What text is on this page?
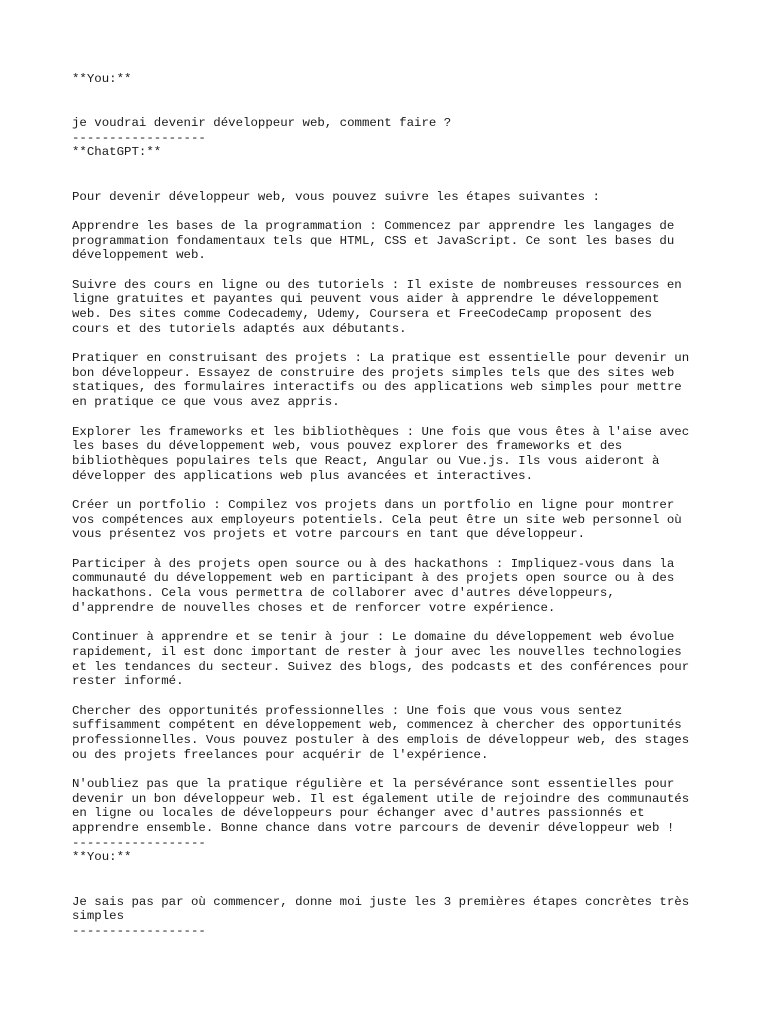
**You:**
je voudrai devenir développeur web, comment faire ?
------------------
**ChatGPT:**
Pour devenir développeur web, vous pouvez suivre les étapes suivantes :
Apprendre les bases de la programmation : Commencez par apprendre les langages de
programmation fondamentaux tels que HTML, CSS et JavaScript. Ce sont les bases du
développement web.
Suivre des cours en ligne ou des tutoriels : Il existe de nombreuses ressources en
ligne gratuites et payantes qui peuvent vous aider à apprendre le développement
web. Des sites comme Codecademy, Udemy, Coursera et FreeCodeCamp proposent des
cours et des tutoriels adaptés aux débutants.
Pratiquer en construisant des projets : La pratique est essentielle pour devenir un
bon développeur. Essayez de construire des projets simples tels que des sites web
statiques, des formulaires interactifs ou des applications web simples pour mettre
en pratique ce que vous avez appris.
Explorer les frameworks et les bibliothèques : Une fois que vous êtes à l'aise avec
les bases du développement web, vous pouvez explorer des frameworks et des
bibliothèques populaires tels que React, Angular ou Vue.js. Ils vous aideront à
développer des applications web plus avancées et interactives.
Créer un portfolio : Compilez vos projets dans un portfolio en ligne pour montrer
vos compétences aux employeurs potentiels. Cela peut être un site web personnel où
vous présentez vos projets et votre parcours en tant que développeur.
Participer à des projets open source ou à des hackathons : Impliquez-vous dans la
communauté du développement web en participant à des projets open source ou à des
hackathons. Cela vous permettra de collaborer avec d'autres développeurs,
d'apprendre de nouvelles choses et de renforcer votre expérience.
Continuer à apprendre et se tenir à jour : Le domaine du développement web évolue
rapidement, il est donc important de rester à jour avec les nouvelles technologies
et les tendances du secteur. Suivez des blogs, des podcasts et des conférences pour
rester informé.
Chercher des opportunités professionnelles : Une fois que vous vous sentez
suffisamment compétent en développement web, commencez à chercher des opportunités
professionnelles. Vous pouvez postuler à des emplois de développeur web, des stages
ou des projets freelances pour acquérir de l'expérience.
N'oubliez pas que la pratique régulière et la persévérance sont essentielles pour
devenir un bon développeur web. Il est également utile de rejoindre des communautés
en ligne ou locales de développeurs pour échanger avec d'autres passionnés et
apprendre ensemble. Bonne chance dans votre parcours de devenir développeur web !
------------------
**You:**
Je sais pas par où commencer, donne moi juste les 3 premières étapes concrètes très
simples
------------------
